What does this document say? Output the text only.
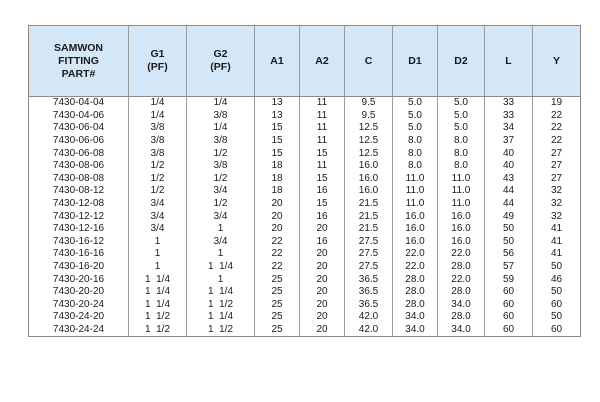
SAMWON
FITTING
PART#	G1
(PF)	G2
(PF)	A1	A2	C	D1	D2	L	Y
7430-04-04	1/4	1/4	13	11	9.5	5.0	5.0	33	19
7430-04-06	1/4	3/8	13	11	9.5	5.0	5.0	33	22
7430-06-04	3/8	1/4	15	11	12.5	5.0	5.0	34	22
7430-06-06	3/8	3/8	15	11	12.5	8.0	8.0	37	22
7430-06-08	3/8	1/2	15	15	12.5	8.0	8.0	40	27
7430-08-06	1/2	3/8	18	11	16.0	8.0	8.0	40	27
7430-08-08	1/2	1/2	18	15	16.0	11.0	11.0	43	27
7430-08-12	1/2	3/4	18	16	16.0	11.0	11.0	44	32
7430-12-08	3/4	1/2	20	15	21.5	11.0	11.0	44	32
7430-12-12	3/4	3/4	20	16	21.5	16.0	16.0	49	32
7430-12-16	3/4	1	20	20	21.5	16.0	16.0	50	41
7430-16-12	1	3/4	22	16	27.5	16.0	16.0	50	41
7430-16-16	1	1	22	20	27.5	22.0	22.0	56	41
7430-16-20	1	1  1/4	22	20	27.5	22.0	28.0	57	50
7430-20-16	1  1/4	1	25	20	36.5	28.0	22.0	59	46
7430-20-20	1  1/4	1  1/4	25	20	36.5	28.0	28.0	60	50
7430-20-24	1  1/4	1  1/2	25	20	36.5	28.0	34.0	60	60
7430-24-20	1  1/2	1  1/4	25	20	42.0	34.0	28.0	60	50
7430-24-24	1  1/2	1  1/2	25	20	42.0	34.0	34.0	60	60
